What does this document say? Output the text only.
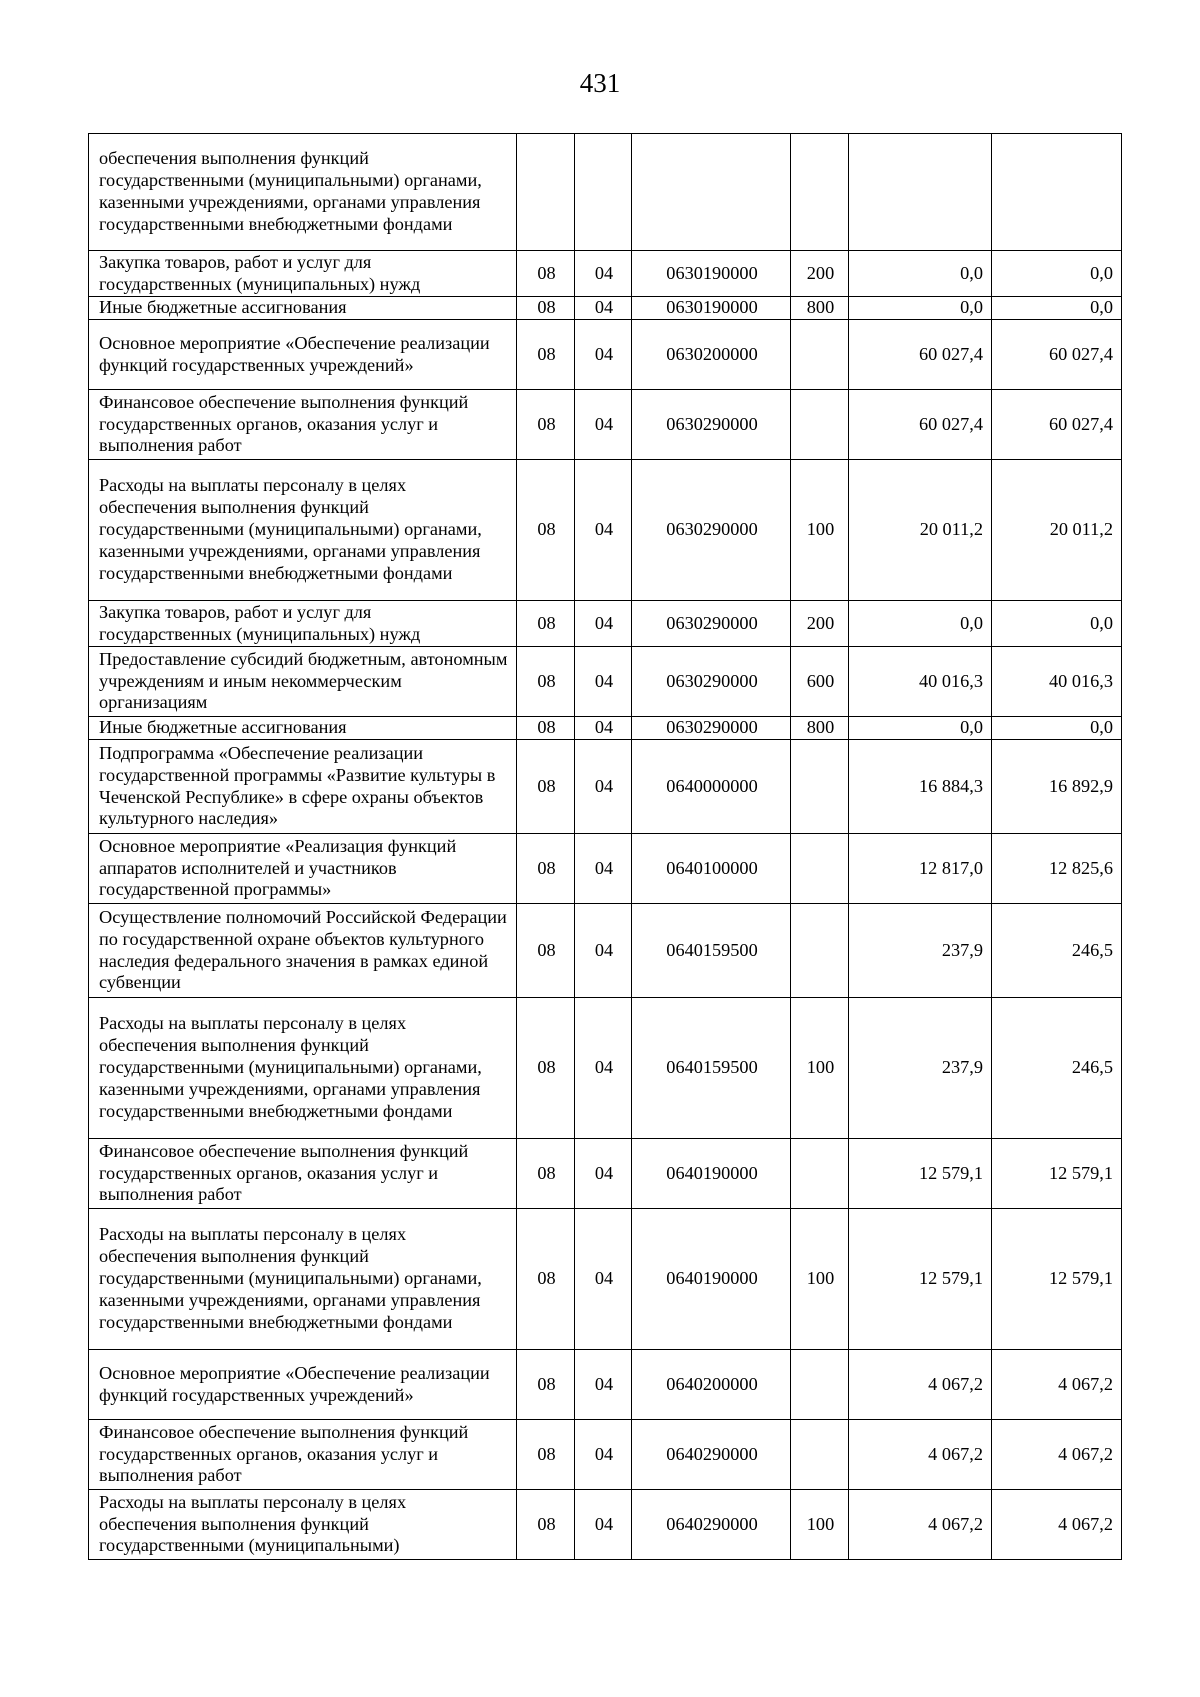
431
обеспечения выполнения функций государственными (муниципальными) органами, казенными учреждениями, органами управления государственными внебюджетными фондами						
Закупка товаров, работ и услуг для государственных (муниципальных) нужд	08	04	0630190000	200	0,0	0,0
Иные бюджетные ассигнования	08	04	0630190000	800	0,0	0,0
Основное мероприятие «Обеспечение реализации функций государственных учреждений»	08	04	0630200000		60 027,4	60 027,4
Финансовое обеспечение выполнения функций государственных органов, оказания услуг и выполнения работ	08	04	0630290000		60 027,4	60 027,4
Расходы на выплаты персоналу в целях обеспечения выполнения функций государственными (муниципальными) органами, казенными учреждениями, органами управления государственными внебюджетными фондами	08	04	0630290000	100	20 011,2	20 011,2
Закупка товаров, работ и услуг для государственных (муниципальных) нужд	08	04	0630290000	200	0,0	0,0
Предоставление субсидий бюджетным, автономным учреждениям и иным некоммерческим организациям	08	04	0630290000	600	40 016,3	40 016,3
Иные бюджетные ассигнования	08	04	0630290000	800	0,0	0,0
Подпрограмма «Обеспечение реализации государственной программы «Развитие культуры в Чеченской Республике» в сфере охраны объектов культурного наследия»	08	04	0640000000		16 884,3	16 892,9
Основное мероприятие «Реализация функций аппаратов исполнителей и участников государственной программы»	08	04	0640100000		12 817,0	12 825,6
Осуществление полномочий Российской Федерации по государственной охране объектов культурного наследия федерального значения в рамках единой субвенции	08	04	0640159500		237,9	246,5
Расходы на выплаты персоналу в целях обеспечения выполнения функций государственными (муниципальными) органами, казенными учреждениями, органами управления государственными внебюджетными фондами	08	04	0640159500	100	237,9	246,5
Финансовое обеспечение выполнения функций государственных органов, оказания услуг и выполнения работ	08	04	0640190000		12 579,1	12 579,1
Расходы на выплаты персоналу в целях обеспечения выполнения функций государственными (муниципальными) органами, казенными учреждениями, органами управления государственными внебюджетными фондами	08	04	0640190000	100	12 579,1	12 579,1
Основное мероприятие «Обеспечение реализации функций государственных учреждений»	08	04	0640200000		4 067,2	4 067,2
Финансовое обеспечение выполнения функций государственных органов, оказания услуг и выполнения работ	08	04	0640290000		4 067,2	4 067,2
Расходы на выплаты персоналу в целях обеспечения выполнения функций государственными (муниципальными)	08	04	0640290000	100	4 067,2	4 067,2
